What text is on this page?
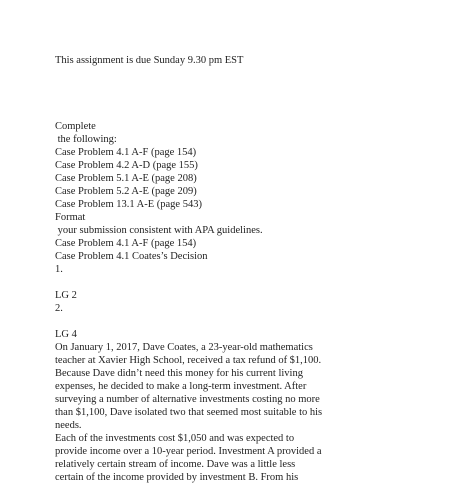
This assignment is due Sunday 9.30 pm EST
Complete
the following:
Case Problem 4.1 A-F (page 154)
Case Problem 4.2 A-D (page 155)
Case Problem 5.1 A-E (page 208)
Case Problem 5.2 A-E (page 209)
Case Problem 13.1 A-E (page 543)
Format
your submission consistent with APA guidelines.
Case Problem 4.1 A-F (page 154)
Case Problem 4.1 Coates’s Decision
1.
LG 2
2.
LG 4
On January 1, 2017, Dave Coates, a 23-year-old mathematics
teacher at Xavier High School, received a tax refund of $1,100.
Because Dave didn’t need this money for his current living
expenses, he decided to make a long-term investment. After
surveying a number of alternative investments costing no more
than $1,100, Dave isolated two that seemed most suitable to his
needs.
Each of the investments cost $1,050 and was expected to
provide income over a 10-year period. Investment A provided a
relatively certain stream of income. Dave was a little less
certain of the income provided by investment B. From his
